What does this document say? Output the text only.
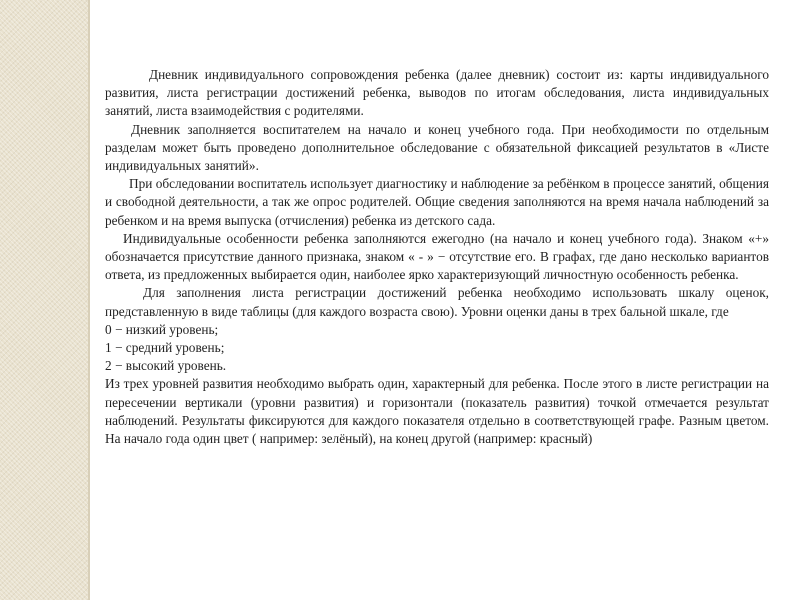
Дневник индивидуального сопровождения ребенка (далее дневник) состоит из: карты индивидуального развития, листа регистрации достижений ребенка, выводов по итогам обследования, листа индивидуальных занятий, листа взаимодействия с родителями.

Дневник заполняется воспитателем на начало и конец учебного года. При необходимости по отдельным разделам может быть проведено дополнительное обследование с обязательной фиксацией результатов в «Листе индивидуальных занятий».

При обследовании воспитатель использует диагностику и наблюдение за ребёнком в процессе занятий, общения и свободной деятельности, а так же опрос родителей. Общие сведения заполняются на время начала наблюдений за ребенком и на время выпуска (отчисления) ребенка из детского сада.

Индивидуальные особенности ребенка заполняются ежегодно (на начало и конец учебного года). Знаком «+» обозначается присутствие данного признака, знаком « - » − отсутствие его. В графах, где дано несколько вариантов ответа, из предложенных выбирается один, наиболее ярко характеризующий личностную особенность ребенка.

Для заполнения листа регистрации достижений ребенка необходимо использовать шкалу оценок, представленную в виде таблицы (для каждого возраста свою). Уровни оценки даны в трех бальной шкале, где

0 − низкий уровень;

1 − средний уровень;

2 − высокий уровень.

Из трех уровней развития необходимо выбрать один, характерный для ребенка. После этого в листе регистрации на пересечении вертикали (уровни развития) и горизонтали (показатель развития) точкой отмечается результат наблюдений. Результаты фиксируются для каждого показателя отдельно в соответствующей графе. Разным цветом. На начало года один цвет ( например: зелёный), на конец другой (например: красный)
